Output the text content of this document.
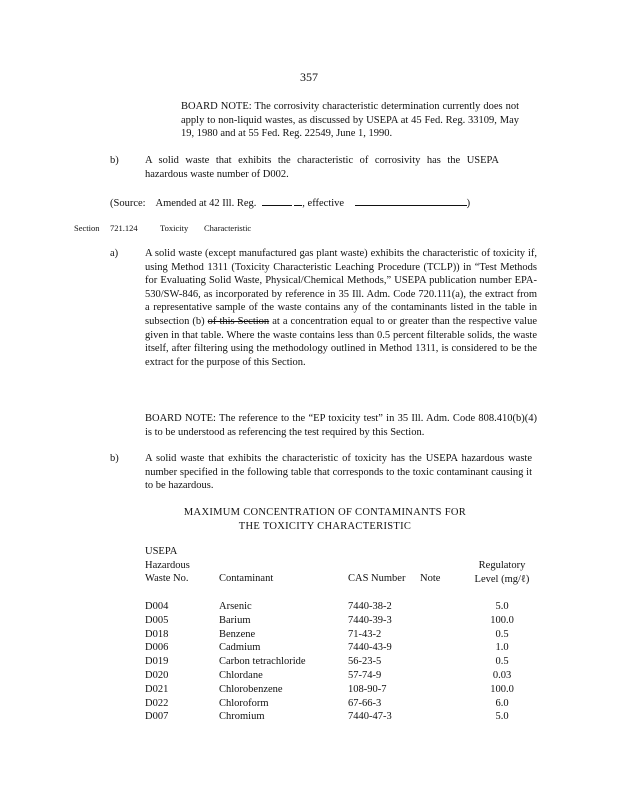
357
BOARD NOTE: The corrosivity characteristic determination currently does not apply to non-liquid wastes, as discussed by USEPA at 45 Fed. Reg. 33109, May 19, 1980 and at 55 Fed. Reg. 22549, June 1, 1990.
b)	A solid waste that exhibits the characteristic of corrosivity has the USEPA hazardous waste number of D002.
(Source: Amended at 42 Ill. Reg.	, effective	)
Section 721.124	Toxicity Characteristic
a)	A solid waste (except manufactured gas plant waste) exhibits the characteristic of toxicity if, using Method 1311 (Toxicity Characteristic Leaching Procedure (TCLP)) in “Test Methods for Evaluating Solid Waste, Physical/Chemical Methods,” USEPA publication number EPA-530/SW-846, as incorporated by reference in 35 Ill. Adm. Code 720.111(a), the extract from a representative sample of the waste contains any of the contaminants listed in the table in subsection (b) of this Section at a concentration equal to or greater than the respective value given in that table. Where the waste contains less than 0.5 percent filterable solids, the waste itself, after filtering using the methodology outlined in Method 1311, is considered to be the extract for the purpose of this Section.
BOARD NOTE: The reference to the “EP toxicity test” in 35 Ill. Adm. Code 808.410(b)(4) is to be understood as referencing the test required by this Section.
b)	A solid waste that exhibits the characteristic of toxicity has the USEPA hazardous waste number specified in the following table that corresponds to the toxic contaminant causing it to be hazardous.
MAXIMUM CONCENTRATION OF CONTAMINANTS FOR
THE TOXICITY CHARACTERISTIC
USEPA
Hazardous
Waste No.	Contaminant	CAS Number Note
Regulatory
Level (mg/ℓ)
D004	Arsenic	7440-38-2	5.0
D005	Barium	7440-39-3	100.0
D018	Benzene	71-43-2	0.5
D006	Cadmium	7440-43-9	1.0
D019	Carbon tetrachloride	56-23-5	0.5
D020	Chlordane	57-74-9	0.03
D021	Chlorobenzene	108-90-7	100.0
D022	Chloroform	67-66-3	6.0
D007	Chromium	7440-47-3	5.0
